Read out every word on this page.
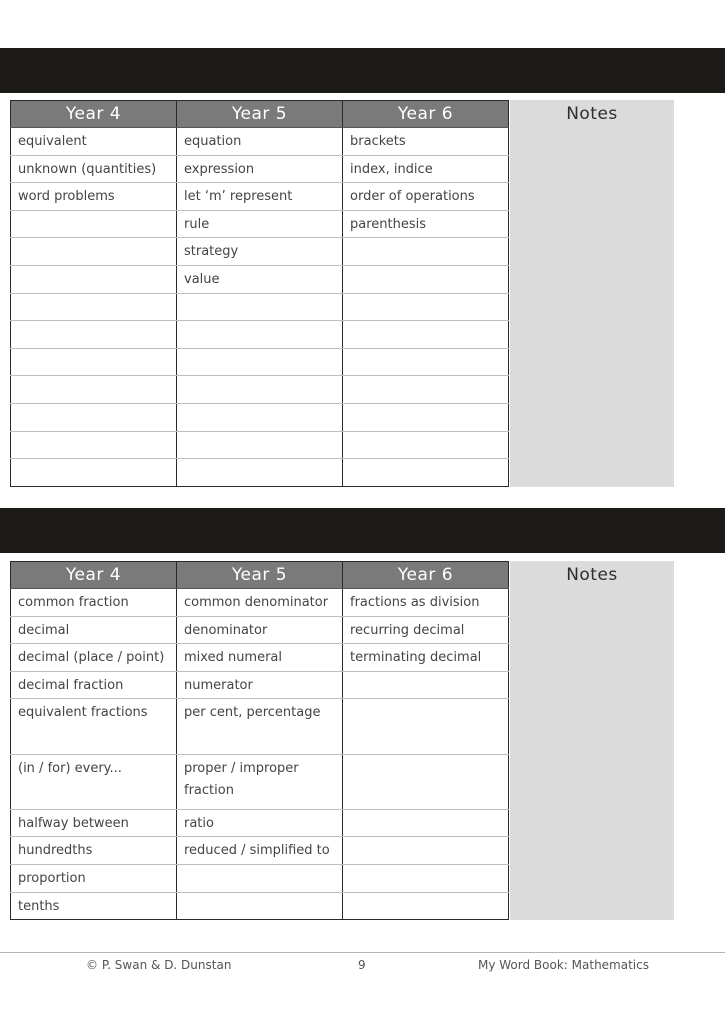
Year 4	Year 5	Year 6
equivalent	equation	brackets
unknown (quantities)	expression	index, indice
word problems	let ‘m’ represent	order of operations
	rule	parenthesis
	strategy	
	value	

Notes
Year 4	Year 5	Year 6
common fraction	common denominator	fractions as division
decimal	denominator	recurring decimal
decimal (place / point)	mixed numeral	terminating decimal
decimal fraction	numerator	
equivalent fractions	per cent, percentage	
(in / for) every...	proper / improper fraction	
halfway between	ratio	
hundredths	reduced / simplified to	
proportion		
tenths		
Notes
© P. Swan & D. Dunstan	9	My Word Book: Mathematics
